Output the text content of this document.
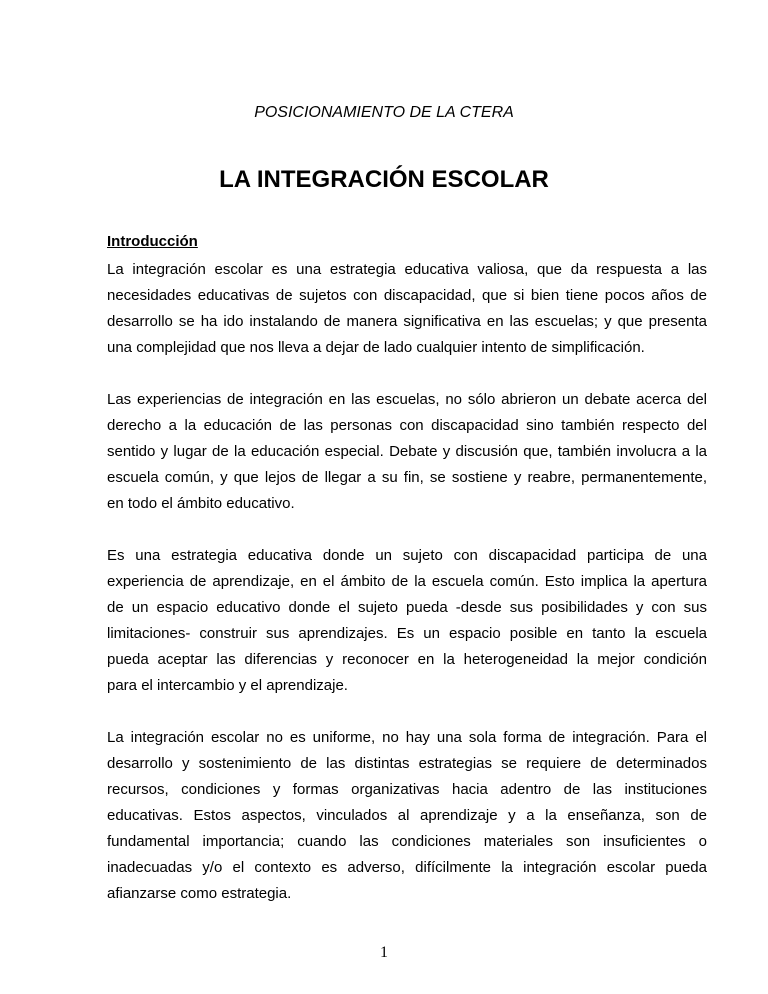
POSICIONAMIENTO DE LA CTERA
LA INTEGRACIÓN ESCOLAR
Introducción
La integración escolar es una estrategia educativa valiosa, que da respuesta a las
necesidades educativas de sujetos con discapacidad, que si bien tiene pocos años de
desarrollo se ha ido instalando de manera significativa en las escuelas; y que presenta
una complejidad que nos lleva a dejar de lado cualquier intento de simplificación.
Las experiencias de integración en las escuelas, no sólo abrieron un debate acerca del
derecho a la educación de las personas con discapacidad sino también respecto del
sentido y lugar de la educación especial. Debate y discusión que, también involucra a la
escuela común, y que lejos de llegar a su fin, se sostiene y reabre, permanentemente,
en todo el ámbito educativo.
Es una estrategia educativa donde un sujeto con discapacidad participa de una
experiencia de aprendizaje, en el ámbito de la escuela común. Esto implica la apertura
de un espacio educativo donde el sujeto pueda -desde sus posibilidades y con sus
limitaciones- construir sus aprendizajes. Es un espacio posible en tanto la escuela
pueda aceptar las diferencias y reconocer en la heterogeneidad la mejor condición
para el intercambio y el aprendizaje.
La integración escolar no es uniforme, no hay una sola forma de integración. Para el
desarrollo y sostenimiento de las distintas estrategias se requiere de determinados
recursos, condiciones y formas organizativas hacia adentro de las instituciones
educativas. Estos aspectos, vinculados al aprendizaje y a la enseñanza, son de
fundamental importancia; cuando las condiciones materiales son insuficientes o
inadecuadas y/o el contexto es adverso, difícilmente la integración escolar pueda
afianzarse como estrategia.
1
